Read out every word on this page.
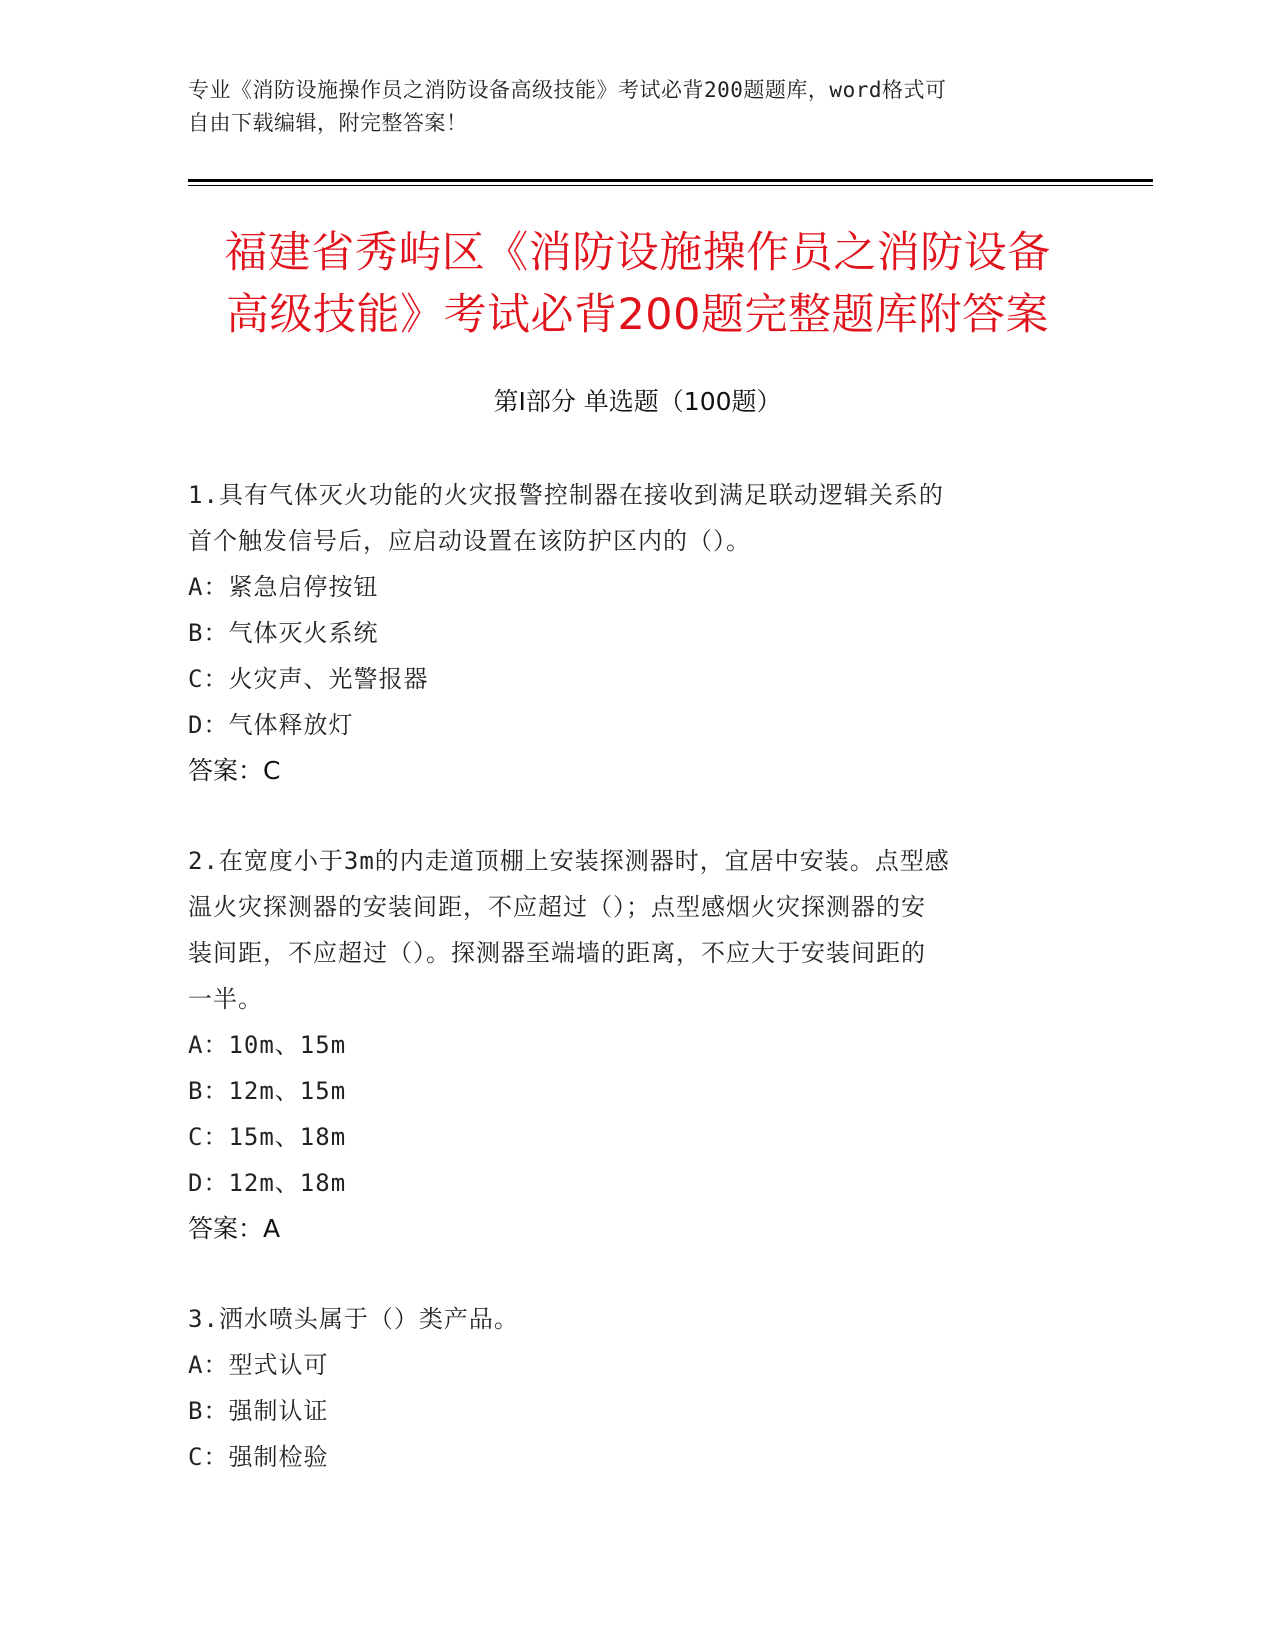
专业《消防设施操作员之消防设备高级技能》考试必背200题题库，word格式可
自由下载编辑，附完整答案！
福建省秀屿区《消防设施操作员之消防设备
高级技能》考试必背200题完整题库附答案
第Ⅰ部分 单选题（100题）
1.具有气体灭火功能的火灾报警控制器在接收到满足联动逻辑关系的
首个触发信号后，应启动设置在该防护区内的（）。
A：紧急启停按钮
B：气体灭火系统
C：火灾声、光警报器
D：气体释放灯
答案：C
2.在宽度小于3m的内走道顶棚上安装探测器时，宜居中安装。点型感
温火灾探测器的安装间距，不应超过（）；点型感烟火灾探测器的安
装间距，不应超过（）。探测器至端墙的距离，不应大于安装间距的
一半。
A：10m、15m
B：12m、15m
C：15m、18m
D：12m、18m
答案：A
3.洒水喷头属于（）类产品。
A：型式认可
B：强制认证
C：强制检验
